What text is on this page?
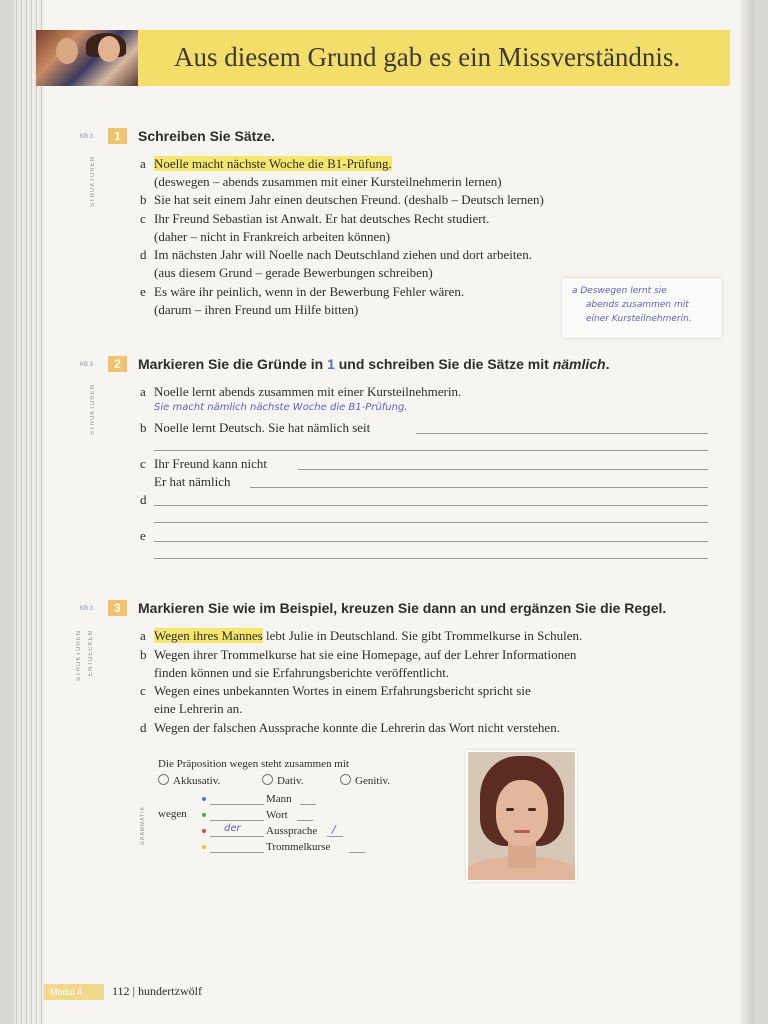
Aus diesem Grund gab es ein Missverständnis.
KB 3	1	Schreiben Sie Sätze.
STRUKTUREN	a Noelle macht nächste Woche die B1-Prüfung.
(deswegen – abends zusammen mit einer Kursteilnehmerin lernen)
b Sie hat seit einem Jahr einen deutschen Freund. (deshalb – Deutsch lernen)
c Ihr Freund Sebastian ist Anwalt. Er hat deutsches Recht studiert.
(daher – nicht in Frankreich arbeiten können)
d Im nächsten Jahr will Noelle nach Deutschland ziehen und dort arbeiten.
(aus diesem Grund – gerade Bewerbungen schreiben)
e Es wäre ihr peinlich, wenn in der Bewerbung Fehler wären.
(darum – ihren Freund um Hilfe bitten)
a Deswegen lernt sie
abends zusammen mit
einer Kursteilnehmerin.
KB 3	2	Markieren Sie die Gründe in 1 und schreiben Sie die Sätze mit nämlich.
STRUKTUREN	a Noelle lernt abends zusammen mit einer Kursteilnehmerin.
Sie macht nämlich nächste Woche die B1-Prüfung.
b Noelle lernt Deutsch. Sie hat nämlich seit
c Ihr Freund kann nicht
Er hat nämlich
d
e
KB 3	3	Markieren Sie wie im Beispiel, kreuzen Sie dann an und ergänzen Sie die Regel.
STRUKTUREN ENTDECKEN	a Wegen ihres Mannes lebt Julie in Deutschland. Sie gibt Trommelkurse in Schulen.
b Wegen ihrer Trommelkurse hat sie eine Homepage, auf der Lehrer Informationen
finden können und sie Erfahrungsberichte veröffentlicht.
c Wegen eines unbekannten Wortes in einem Erfahrungsbericht spricht sie
eine Lehrerin an.
d Wegen der falschen Aussprache konnte die Lehrerin das Wort nicht verstehen.
GRAMMATIK
Die Präposition wegen steht zusammen mit
Akkusativ.	Dativ.	Genitiv.
wegen
Mann
Wort
der Aussprache /
Trommelkurse
Modul 4	112 | hundertzwölf
